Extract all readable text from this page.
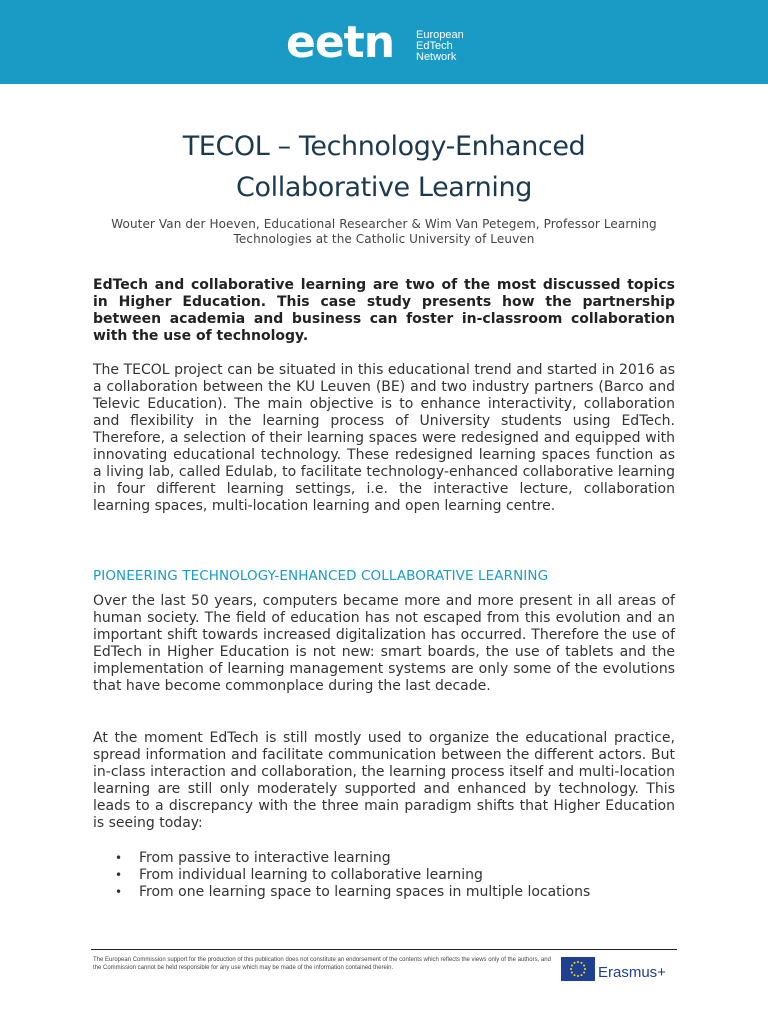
eetn European
EdTech
Network
TECOL – Technology-Enhanced
Collaborative Learning
Wouter Van der Hoeven, Educational Researcher & Wim Van Petegem, Professor Learning Technologies at the Catholic University of Leuven
EdTech and collaborative learning are two of the most discussed topics in Higher Education. This case study presents how the partnership between academia and business can foster in-classroom collaboration with the use of technology.
The TECOL project can be situated in this educational trend and started in 2016 as a collaboration between the KU Leuven (BE) and two industry partners (Barco and Televic Education). The main objective is to enhance interactivity, collaboration and flexibility in the learning process of University students using EdTech. Therefore, a selection of their learning spaces were redesigned and equipped with innovating educational technology. These redesigned learning spaces function as a living lab, called Edulab, to facilitate technology-enhanced collaborative learning in four different learning settings, i.e. the interactive lecture, collaboration learning spaces, multi-location learning and open learning centre.
PIONEERING TECHNOLOGY-ENHANCED COLLABORATIVE LEARNING
Over the last 50 years, computers became more and more present in all areas of human society. The field of education has not escaped from this evolution and an important shift towards increased digitalization has occurred. Therefore the use of EdTech in Higher Education is not new: smart boards, the use of tablets and the implementation of learning management systems are only some of the evolutions that have become commonplace during the last decade.
At the moment EdTech is still mostly used to organize the educational practice, spread information and facilitate communication between the different actors. But in-class interaction and collaboration, the learning process itself and multi-location learning are still only moderately supported and enhanced by technology. This leads to a discrepancy with the three main paradigm shifts that Higher Education is seeing today:
• From passive to interactive learning
• From individual learning to collaborative learning
• From one learning space to learning spaces in multiple locations
The European Commission support for the production of this publication does not constitute an endorsement of the contents which reflects the views only of the authors, and the Commission cannot be held responsible for any use which may be made of the information contained therein.	Erasmus+
